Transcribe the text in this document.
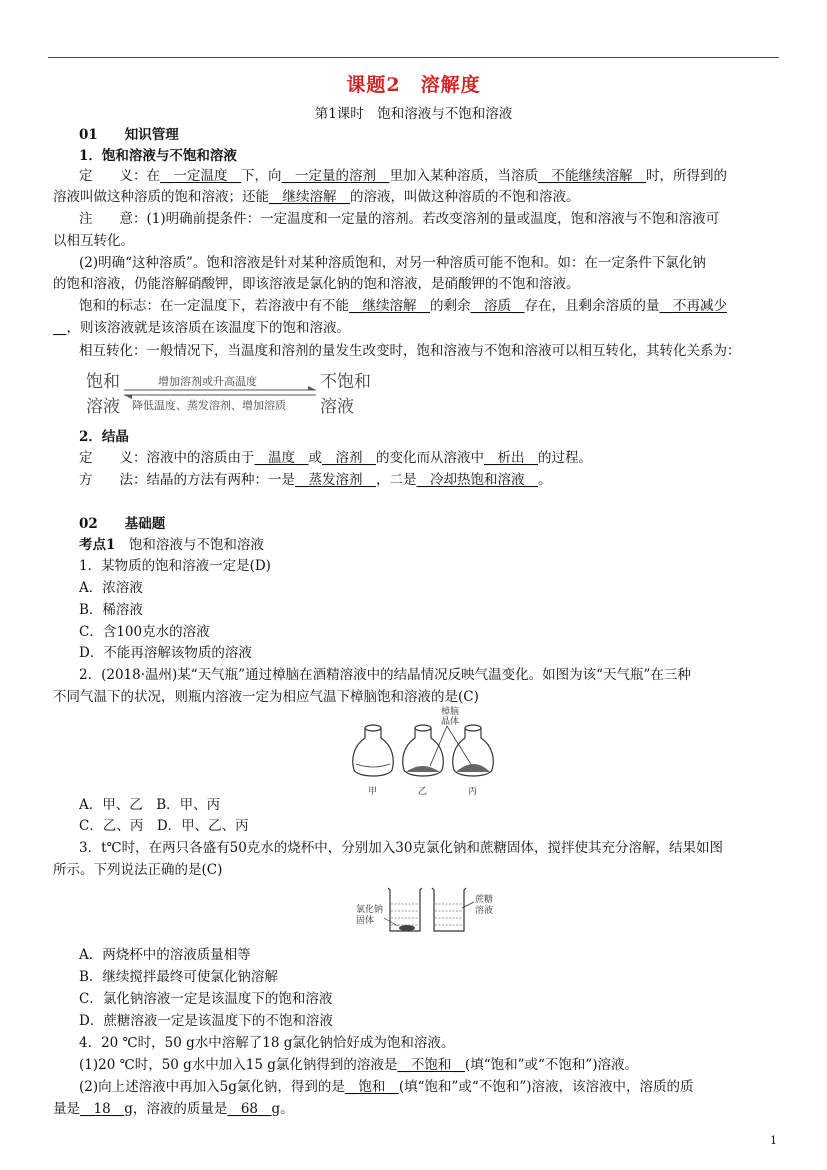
课题2　溶解度
第1课时　饱和溶液与不饱和溶液
01　　 知识管理
1．饱和溶液与不饱和溶液
定　　义：在__一定温度__下，向__一定量的溶剂__里加入某种溶质，当溶质__不能继续溶解__时，所得到的
溶液叫做这种溶质的饱和溶液；还能__继续溶解__的溶液，叫做这种溶质的不饱和溶液。
注　　意：(1)明确前提条件：一定温度和一定量的溶剂。若改变溶剂的量或温度，饱和溶液与不饱和溶液可
以相互转化。
(2)明确“这种溶质”。饱和溶液是针对某种溶质饱和，对另一种溶质可能不饱和。如：在一定条件下氯化钠
的饱和溶液，仍能溶解硝酸钾，即该溶液是氯化钠的饱和溶液，是硝酸钾的不饱和溶液。
饱和的标志：在一定温度下，若溶液中有不能__继续溶解__的剩余__溶质__存在，且剩余溶质的量__不再减少
__，则该溶液就是该溶质在该温度下的饱和溶液。
相互转化：一般情况下，当温度和溶剂的量发生改变时，饱和溶液与不饱和溶液可以相互转化，其转化关系为：
饱和
溶液
不饱和
溶液
增加溶剂或升高温度
降低温度、蒸发溶剂、增加溶质
2．结晶
定　　义：溶液中的溶质由于__温度__或__溶剂__的变化而从溶液中__析出__的过程。
方　　法：结晶的方法有两种：一是__蒸发溶剂__，二是__冷却热饱和溶液__。
02　　 基础题
考点1　饱和溶液与不饱和溶液
1．某物质的饱和溶液一定是(D)
A．浓溶液
B．稀溶液
C．含100克水的溶液
D．不能再溶解该物质的溶液
2．(2018·温州)某“天气瓶”通过樟脑在酒精溶液中的结晶情况反映气温变化。如图为该“天气瓶”在三种
不同气温下的状况，则瓶内溶液一定为相应气温下樟脑饱和溶液的是(C)
樟脑
晶体
甲	乙	丙
A．甲、乙　B．甲、丙
C．乙、丙　D．甲、乙、丙
3．t℃时，在两只各盛有50克水的烧杯中，分别加入30克氯化钠和蔗糖固体，搅拌使其充分溶解，结果如图
所示。下列说法正确的是(C)
氯化钠
固体
蔗糖
溶液
A．两烧杯中的溶液质量相等
B．继续搅拌最终可使氯化钠溶解
C．氯化钠溶液一定是该温度下的饱和溶液
D．蔗糖溶液一定是该温度下的不饱和溶液
4．20 ℃时，50 g水中溶解了18 g氯化钠恰好成为饱和溶液。
(1)20 ℃时，50 g水中加入15 g氯化钠得到的溶液是__不饱和__(填“饱和”或“不饱和”)溶液。
(2)向上述溶液中再加入5g氯化钠，得到的是__饱和__(填“饱和”或“不饱和”)溶液，该溶液中，溶质的质
量是__18__g，溶液的质量是__68__g。
1
